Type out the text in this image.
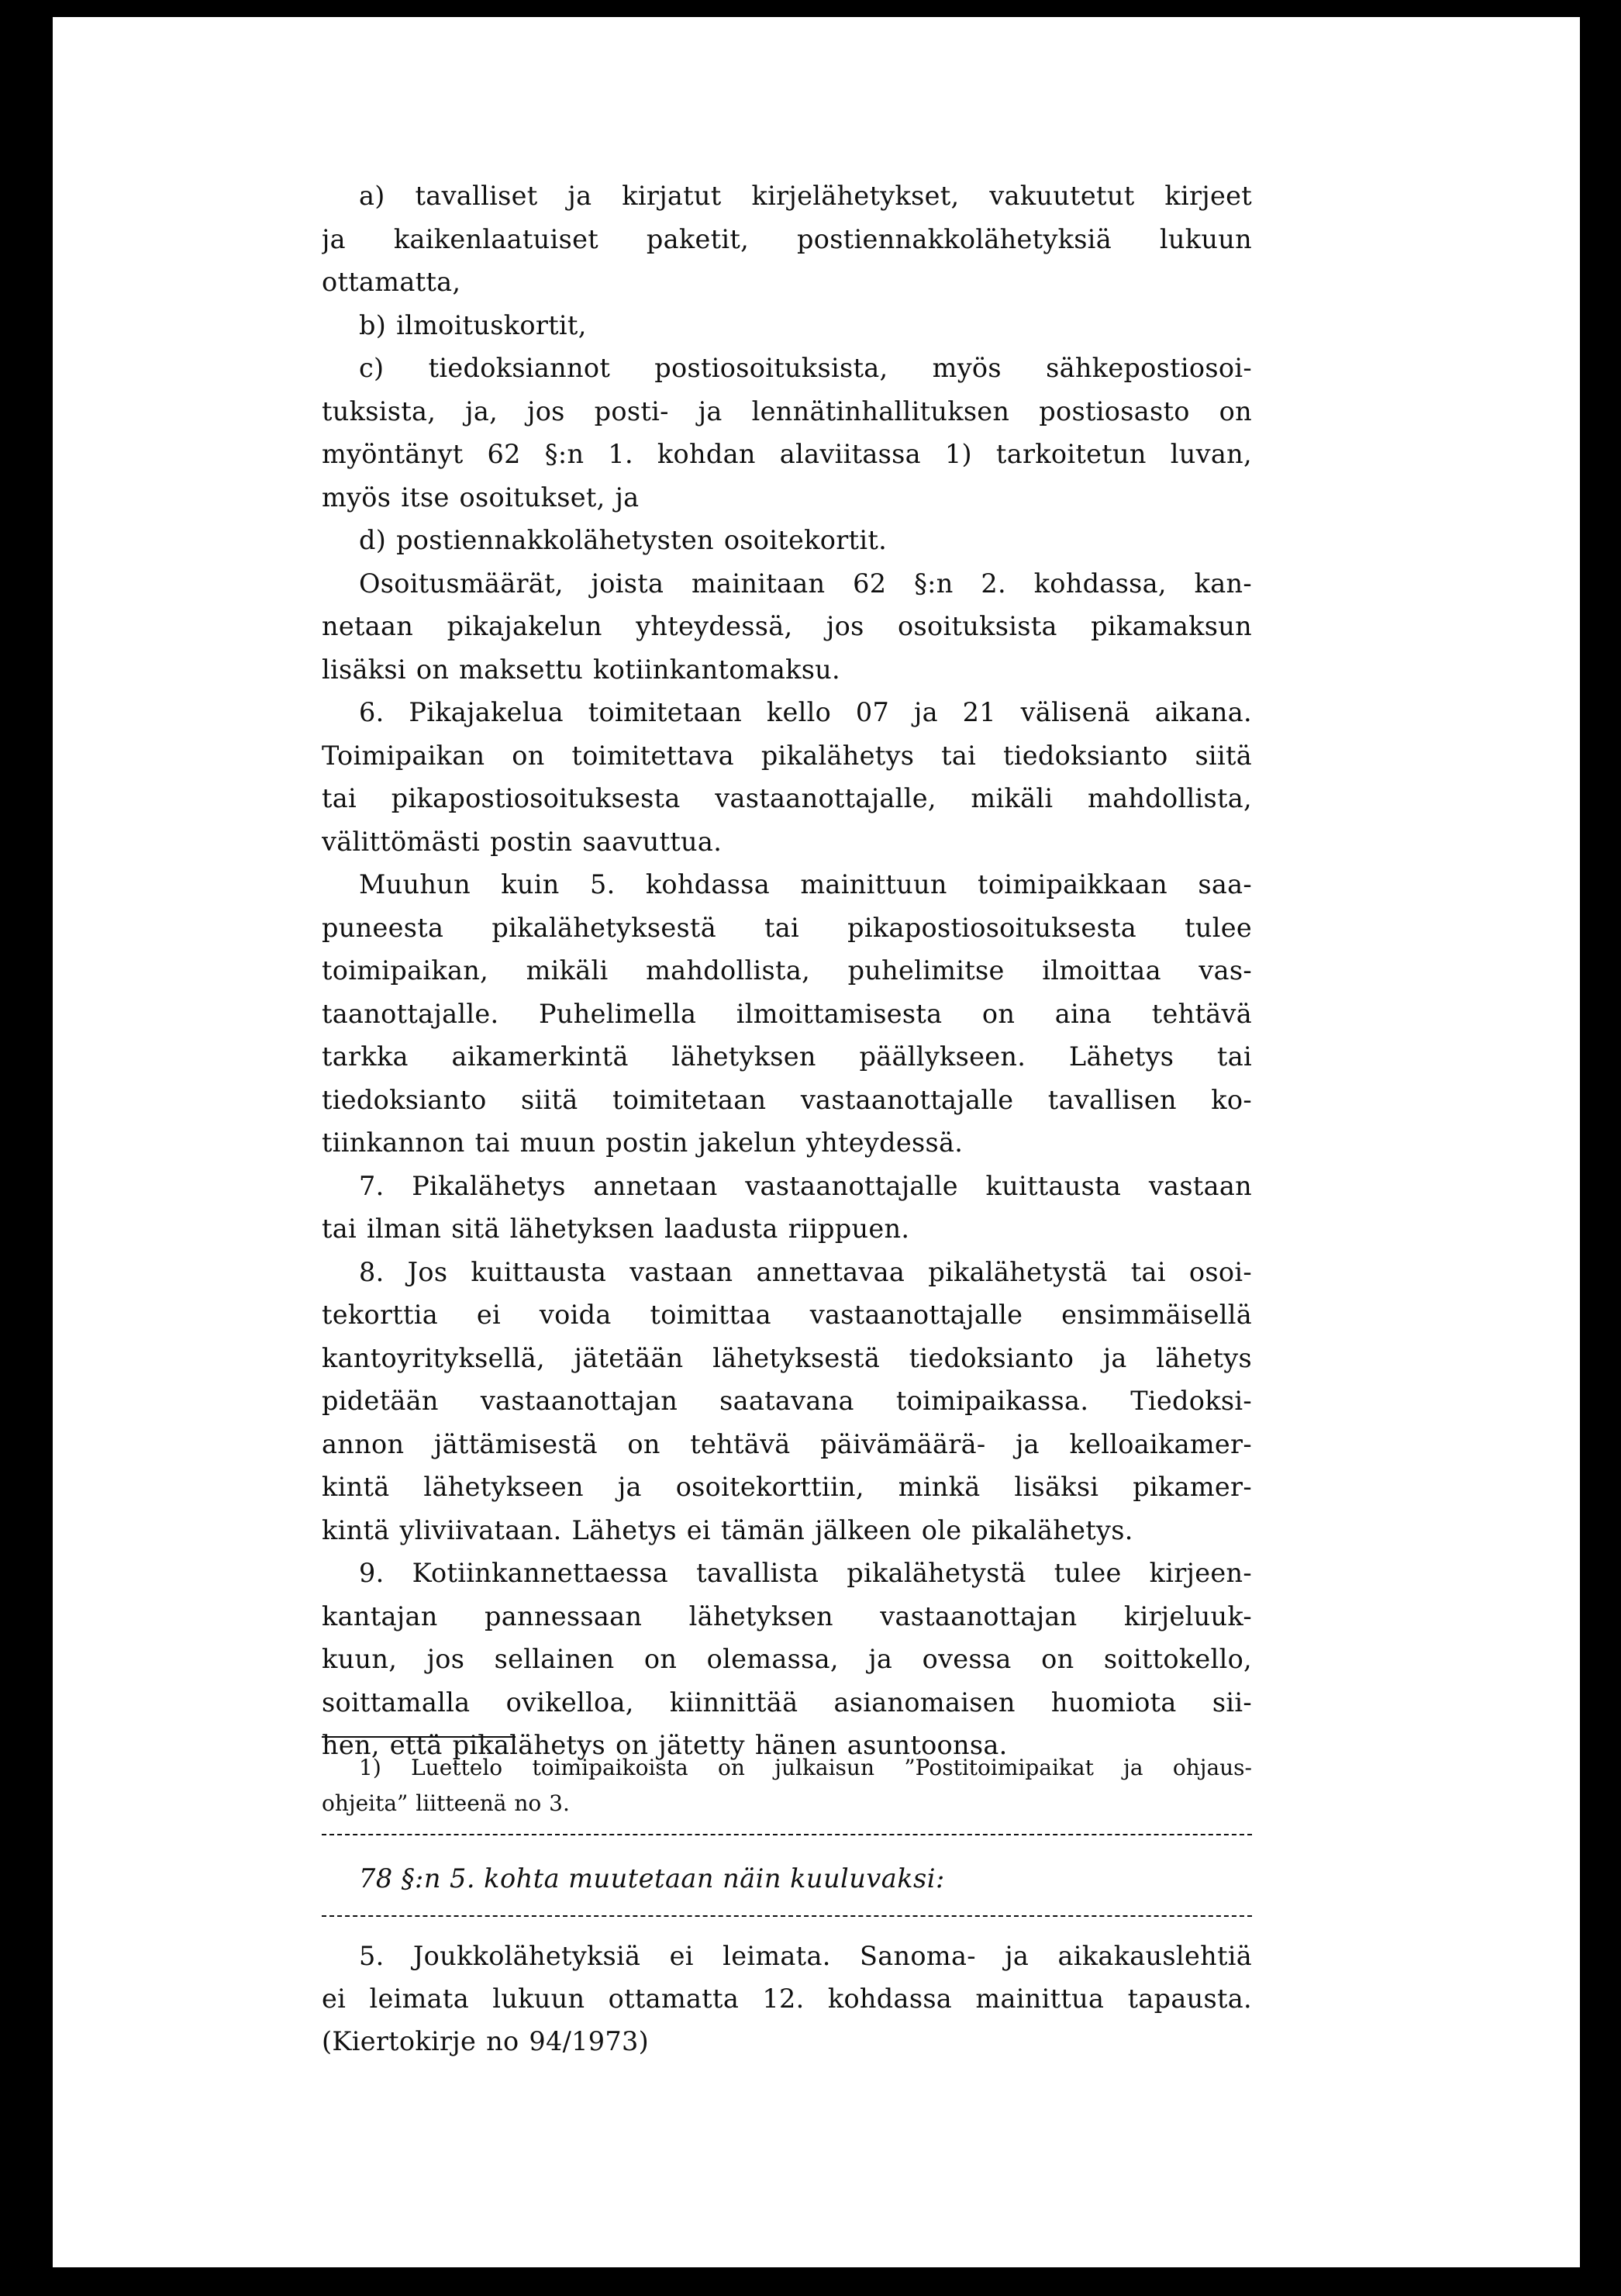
a) tavalliset ja kirjatut kirjelähetykset, vakuutetut kirjeet
ja kaikenlaatuiset paketit, postiennakkolähetyksiä lukuun
ottamatta,
b) ilmoituskortit,
c) tiedoksiannot postiosoituksista, myös sähkepostiosoi-
tuksista, ja, jos posti- ja lennätinhallituksen postiosasto on
myöntänyt 62 §:n 1. kohdan alaviitassa 1) tarkoitetun luvan,
myös itse osoitukset, ja
d) postiennakkolähetysten osoitekortit.
Osoitusmäärät, joista mainitaan 62 §:n 2. kohdassa, kan-
netaan pikajakelun yhteydessä, jos osoituksista pikamaksun
lisäksi on maksettu kotiinkantomaksu.
6. Pikajakelua toimitetaan kello 07 ja 21 välisenä aikana.
Toimipaikan on toimitettava pikalähetys tai tiedoksianto siitä
tai pikapostiosoituksesta vastaanottajalle, mikäli mahdollista,
välittömästi postin saavuttua.
Muuhun kuin 5. kohdassa mainittuun toimipaikkaan saa-
puneesta pikalähetyksestä tai pikapostiosoituksesta tulee
toimipaikan, mikäli mahdollista, puhelimitse ilmoittaa vas-
taanottajalle. Puhelimella ilmoittamisesta on aina tehtävä
tarkka aikamerkintä lähetyksen päällykseen. Lähetys tai
tiedoksianto siitä toimitetaan vastaanottajalle tavallisen ko-
tiinkannon tai muun postin jakelun yhteydessä.
7. Pikalähetys annetaan vastaanottajalle kuittausta vastaan
tai ilman sitä lähetyksen laadusta riippuen.
8. Jos kuittausta vastaan annettavaa pikalähetystä tai osoi-
tekorttia ei voida toimittaa vastaanottajalle ensimmäisellä
kantoyrityksellä, jätetään lähetyksestä tiedoksianto ja lähetys
pidetään vastaanottajan saatavana toimipaikassa. Tiedoksi-
annon jättämisestä on tehtävä päivämäärä- ja kelloaikamer-
kintä lähetykseen ja osoitekorttiin, minkä lisäksi pikamer-
kintä yliviivataan. Lähetys ei tämän jälkeen ole pikalähetys.
9. Kotiinkannettaessa tavallista pikalähetystä tulee kirjeen-
kantajan pannessaan lähetyksen vastaanottajan kirjeluuk-
kuun, jos sellainen on olemassa, ja ovessa on soittokello,
soittamalla ovikelloa, kiinnittää asianomaisen huomiota sii-
hen, että pikalähetys on jätetty hänen asuntoonsa.
1) Luettelo toimipaikoista on julkaisun ”Postitoimipaikat ja ohjaus-
ohjeita” liitteenä no 3.
78 §:n 5. kohta muutetaan näin kuuluvaksi:
5. Joukkolähetyksiä ei leimata. Sanoma- ja aikakauslehtiä
ei leimata lukuun ottamatta 12. kohdassa mainittua tapausta.
(Kiertokirje no 94/1973)
